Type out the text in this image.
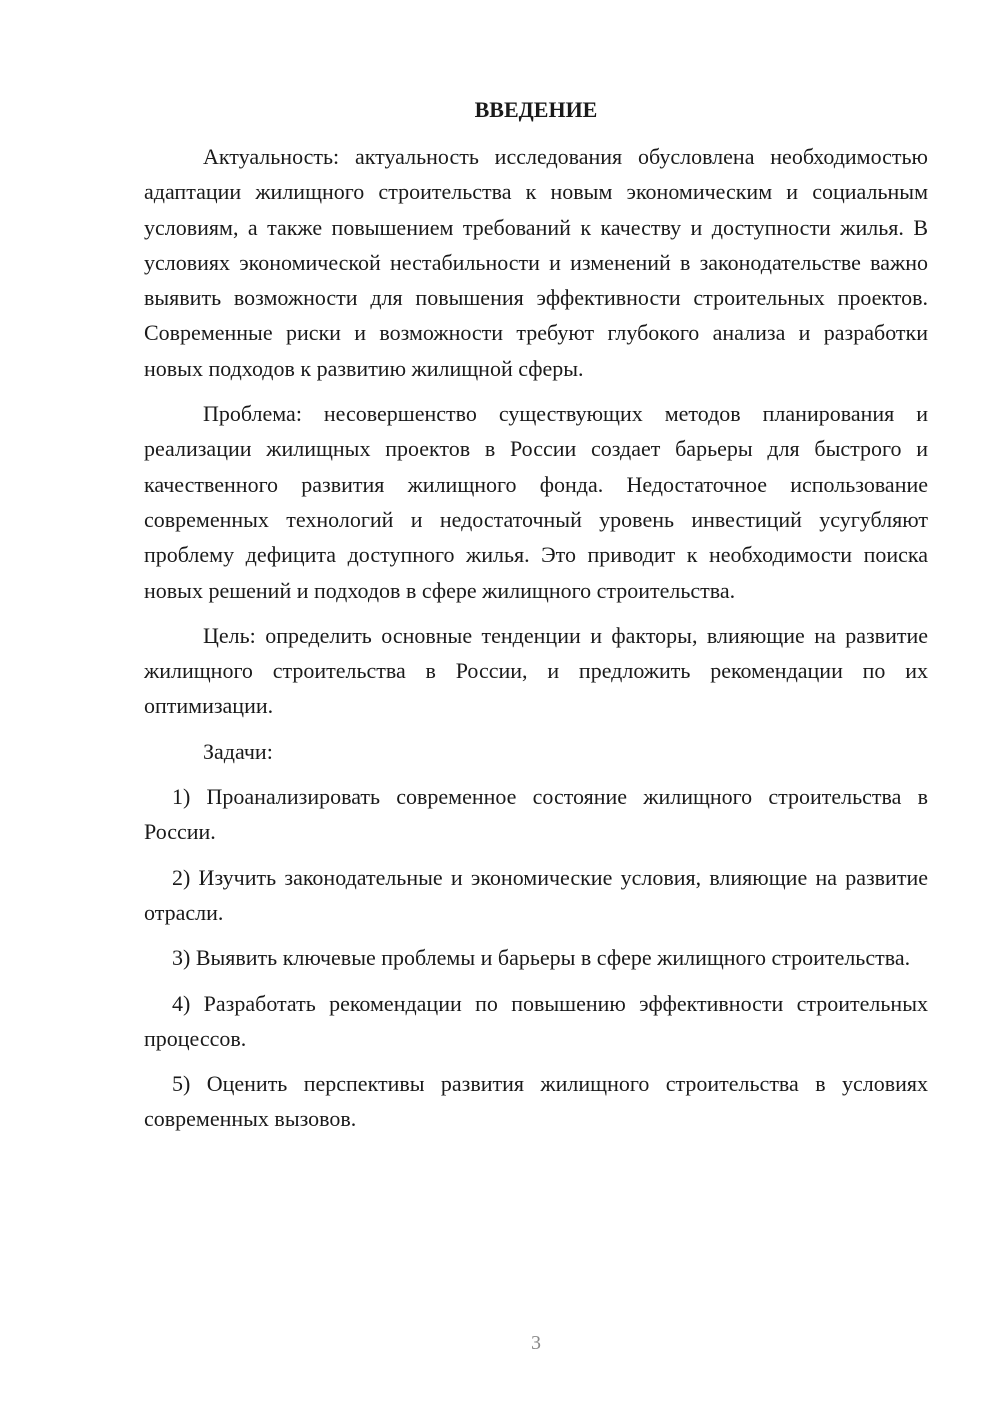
ВВЕДЕНИЕ

Актуальность: актуальность исследования обусловлена необходимостью адаптации жилищного строительства к новым экономическим и социальным условиям, а также повышением требований к качеству и доступности жилья. В условиях экономической нестабильности и изменений в законодательстве важно выявить возможности для повышения эффективности строительных проектов. Современные риски и возможности требуют глубокого анализа и разработки новых подходов к развитию жилищной сферы.

Проблема: несовершенство существующих методов планирования и реализации жилищных проектов в России создает барьеры для быстрого и качественного развития жилищного фонда. Недостаточное использование современных технологий и недостаточный уровень инвестиций усугубляют проблему дефицита доступного жилья. Это приводит к необходимости поиска новых решений и подходов в сфере жилищного строительства.

Цель: определить основные тенденции и факторы, влияющие на развитие жилищного строительства в России, и предложить рекомендации по их оптимизации.

Задачи:

1) Проанализировать современное состояние жилищного строительства в России.
2) Изучить законодательные и экономические условия, влияющие на развитие отрасли.
3) Выявить ключевые проблемы и барьеры в сфере жилищного строительства.
4) Разработать рекомендации по повышению эффективности строительных процессов.
5) Оценить перспективы развития жилищного строительства в условиях современных вызовов.
3
